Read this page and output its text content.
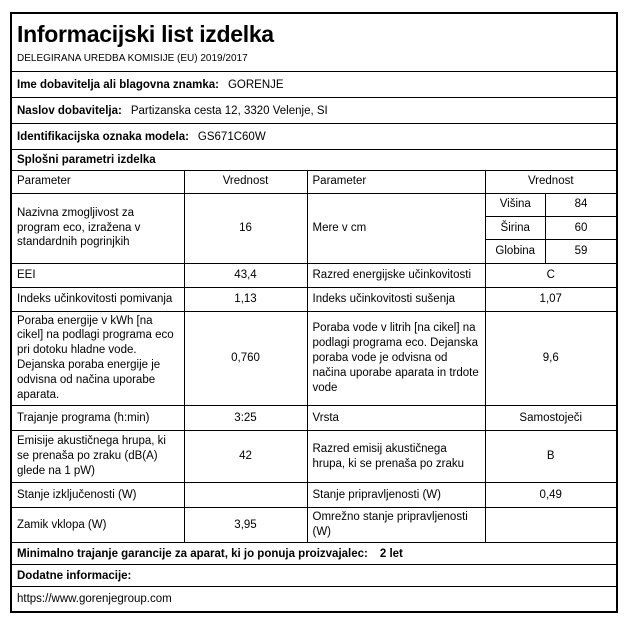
Informacijski list izdelka
DELEGIRANA UREDBA KOMISIJE (EU) 2019/2017
Ime dobavitelja ali blagovna znamka: GORENJE
Naslov dobavitelja: Partizanska cesta 12, 3320 Velenje, SI
Identifikacijska oznaka modela: GS671C60W
Splošni parametri izdelka
Parameter	Vrednost	Parameter	Vrednost
Nazivna zmogljivost za program eco, izražena v standardnih pogrinjkih	16	Mere v cm	
Višina	84
Širina	60
Globina	59

EEI	43,4	Razred energijske učinkovitosti	C
Indeks učinkovitosti pomivanja	1,13	Indeks učinkovitosti sušenja	1,07
Poraba energije v kWh [na cikel] na podlagi programa eco pri dotoku hladne vode. Dejanska poraba energije je odvisna od načina uporabe aparata.	0,760	Poraba vode v litrih [na cikel] na podlagi programa eco. Dejanska poraba vode je odvisna od načina uporabe aparata in trdote vode	9,6
Trajanje programa (h:min)	3:25	Vrsta	Samostoječi
Emisije akustičnega hrupa, ki se prenaša po zraku (dB(A) glede na 1 pW)	42	Razred emisij akustičnega hrupa, ki se prenaša po zraku	B
Stanje izključenosti (W)		Stanje pripravljenosti (W)	0,49
Zamik vklopa (W)	3,95	Omrežno stanje pripravljenosti (W)	
Minimalno trajanje garancije za aparat, ki jo ponuja proizvajalec: 2 let
Dodatne informacije:
https://www.gorenjegroup.com
